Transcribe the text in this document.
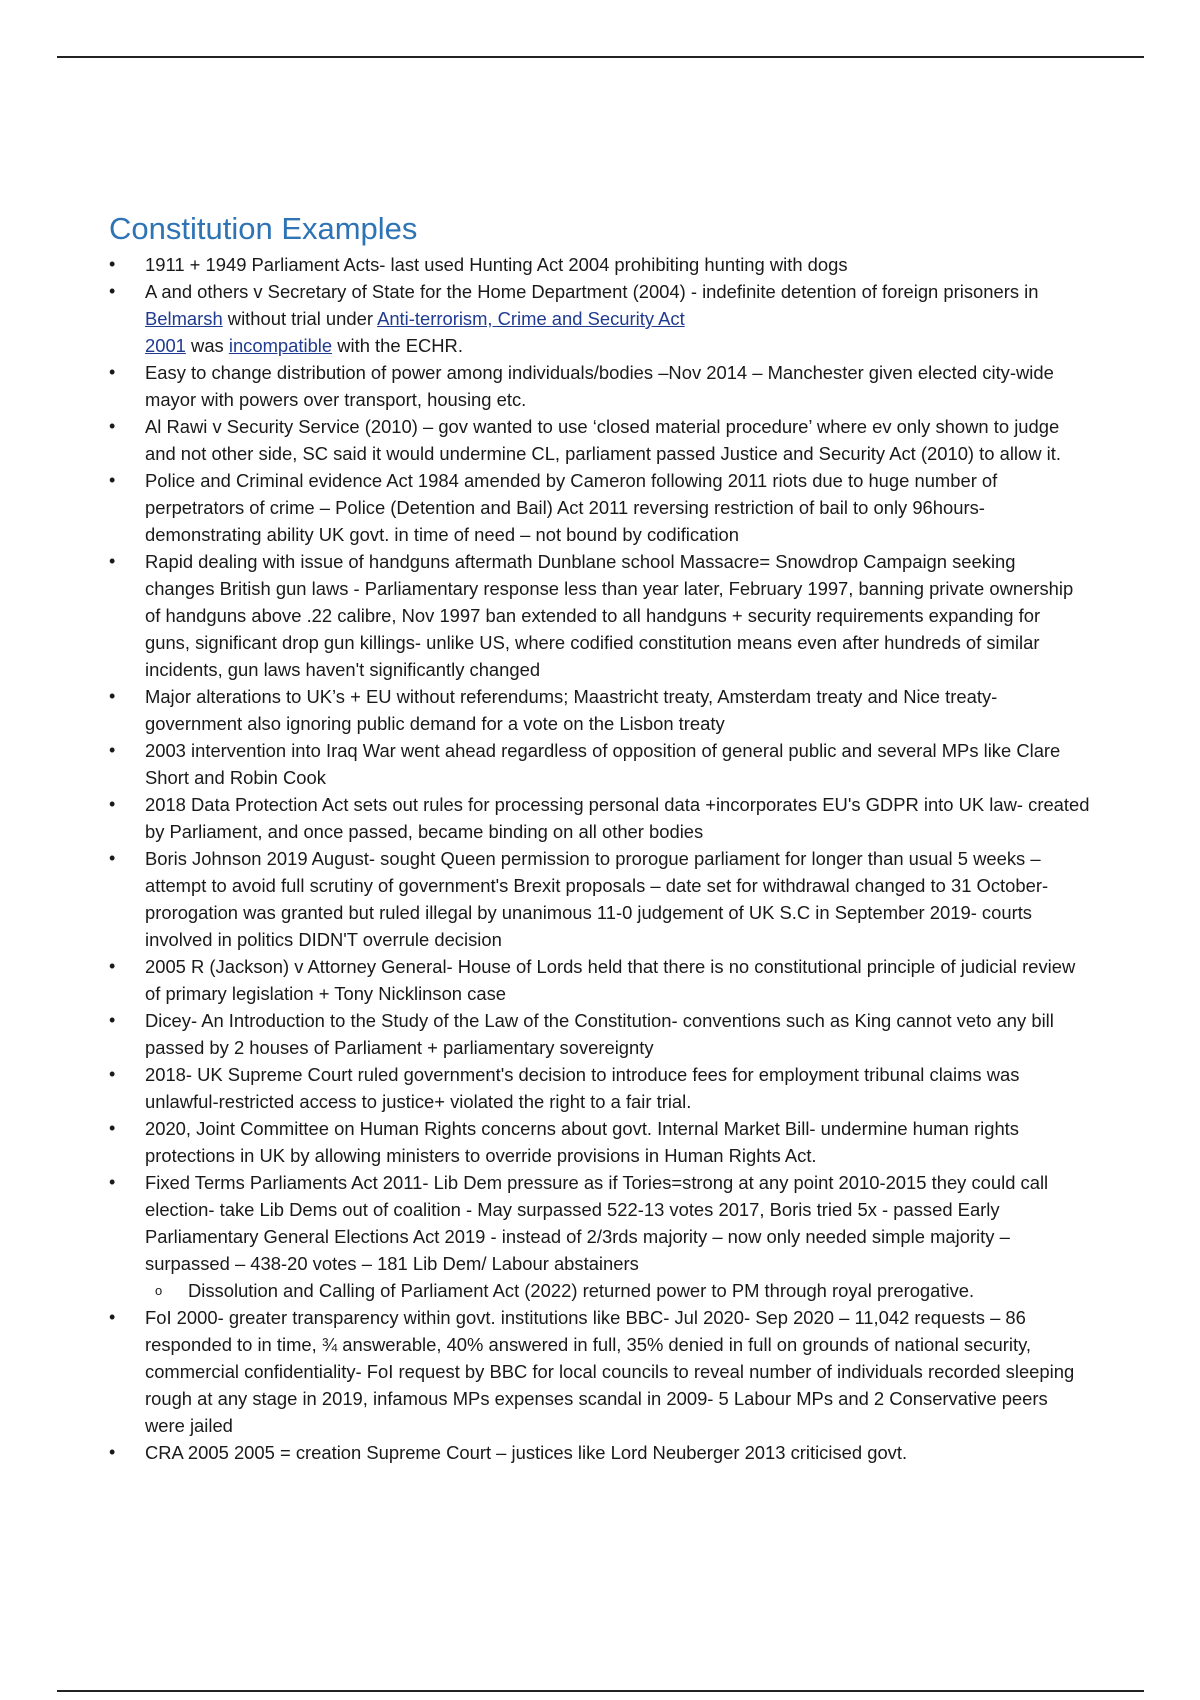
Constitution Examples
• 1911 + 1949 Parliament Acts- last used Hunting Act 2004 prohibiting hunting with dogs
• A and others v Secretary of State for the Home Department (2004) - indefinite detention of foreign prisoners in Belmarsh without trial under Anti-terrorism, Crime and Security Act
2001 was incompatible with the ECHR.
• Easy to change distribution of power among individuals/bodies –Nov 2014 – Manchester given elected city-wide mayor with powers over transport, housing etc.
• Al Rawi v Security Service (2010) – gov wanted to use ‘closed material procedure’ where ev only shown to judge and not other side, SC said it would undermine CL, parliament passed Justice and Security Act (2010) to allow it.
• Police and Criminal evidence Act 1984 amended by Cameron following 2011 riots due to huge number of perpetrators of crime – Police (Detention and Bail) Act 2011 reversing restriction of bail to only 96hours- demonstrating ability UK govt. in time of need – not bound by codification
• Rapid dealing with issue of handguns aftermath Dunblane school Massacre= Snowdrop Campaign seeking changes British gun laws - Parliamentary response less than year later, February 1997, banning private ownership of handguns above .22 calibre, Nov 1997 ban extended to all handguns + security requirements expanding for guns, significant drop gun killings- unlike US, where codified constitution means even after hundreds of similar incidents, gun laws haven't significantly changed
• Major alterations to UK’s + EU without referendums; Maastricht treaty, Amsterdam treaty and Nice treaty-government also ignoring public demand for a vote on the Lisbon treaty
• 2003 intervention into Iraq War went ahead regardless of opposition of general public and several MPs like Clare Short and Robin Cook
• 2018 Data Protection Act sets out rules for processing personal data +incorporates EU's GDPR into UK law- created by Parliament, and once passed, became binding on all other bodies
• Boris Johnson 2019 August- sought Queen permission to prorogue parliament for longer than usual 5 weeks – attempt to avoid full scrutiny of government's Brexit proposals – date set for withdrawal changed to 31 October- prorogation was granted but ruled illegal by unanimous 11-0 judgement of UK S.C in September 2019- courts involved in politics DIDN'T overrule decision
• 2005 R (Jackson) v Attorney General- House of Lords held that there is no constitutional principle of judicial review of primary legislation + Tony Nicklinson case
• Dicey- An Introduction to the Study of the Law of the Constitution- conventions such as King cannot veto any bill passed by 2 houses of Parliament + parliamentary sovereignty
• 2018- UK Supreme Court ruled government's decision to introduce fees for employment tribunal claims was unlawful-restricted access to justice+ violated the right to a fair trial.
• 2020, Joint Committee on Human Rights concerns about govt. Internal Market Bill- undermine human rights protections in UK by allowing ministers to override provisions in Human Rights Act.
• Fixed Terms Parliaments Act 2011- Lib Dem pressure as if Tories=strong at any point 2010-2015 they could call election- take Lib Dems out of coalition - May surpassed 522-13 votes 2017, Boris tried 5x - passed Early Parliamentary General Elections Act 2019 - instead of 2/3rds majority – now only needed simple majority – surpassed – 438-20 votes – 181 Lib Dem/ Labour abstainers
o Dissolution and Calling of Parliament Act (2022) returned power to PM through royal prerogative.
• FoI 2000- greater transparency within govt. institutions like BBC- Jul 2020- Sep 2020 – 11,042 requests – 86 responded to in time, ¾ answerable, 40% answered in full, 35% denied in full on grounds of national security, commercial confidentiality- FoI request by BBC for local councils to reveal number of individuals recorded sleeping rough at any stage in 2019, infamous MPs expenses scandal in 2009- 5 Labour MPs and 2 Conservative peers were jailed
• CRA 2005 2005 = creation Supreme Court – justices like Lord Neuberger 2013 criticised govt.
